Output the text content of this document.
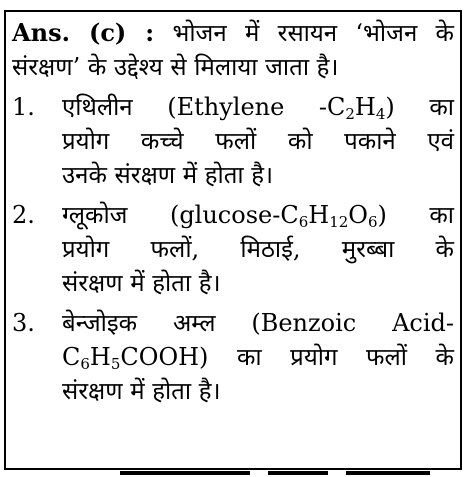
Ans. (c) : भोजन में रसायन ‘भोजन के
संरक्षण’ के उद्देश्य से मिलाया जाता है।
1.	एथिलीन (Ethylene $-C_2H_4$) का
प्रयोग कच्चे फलों को पकाने एवं
उनके संरक्षण में होता है।
2.	ग्लूकोज $(glucose-C_6H_{12}O_6)$ का
प्रयोग फलों, मिठाई, मुरब्बा के
संरक्षण में होता है।
3.	बेन्जोइक अम्ल (Benzoic Acid-
$C_6H_5COOH$) का प्रयोग फलों के
संरक्षण में होता है।
